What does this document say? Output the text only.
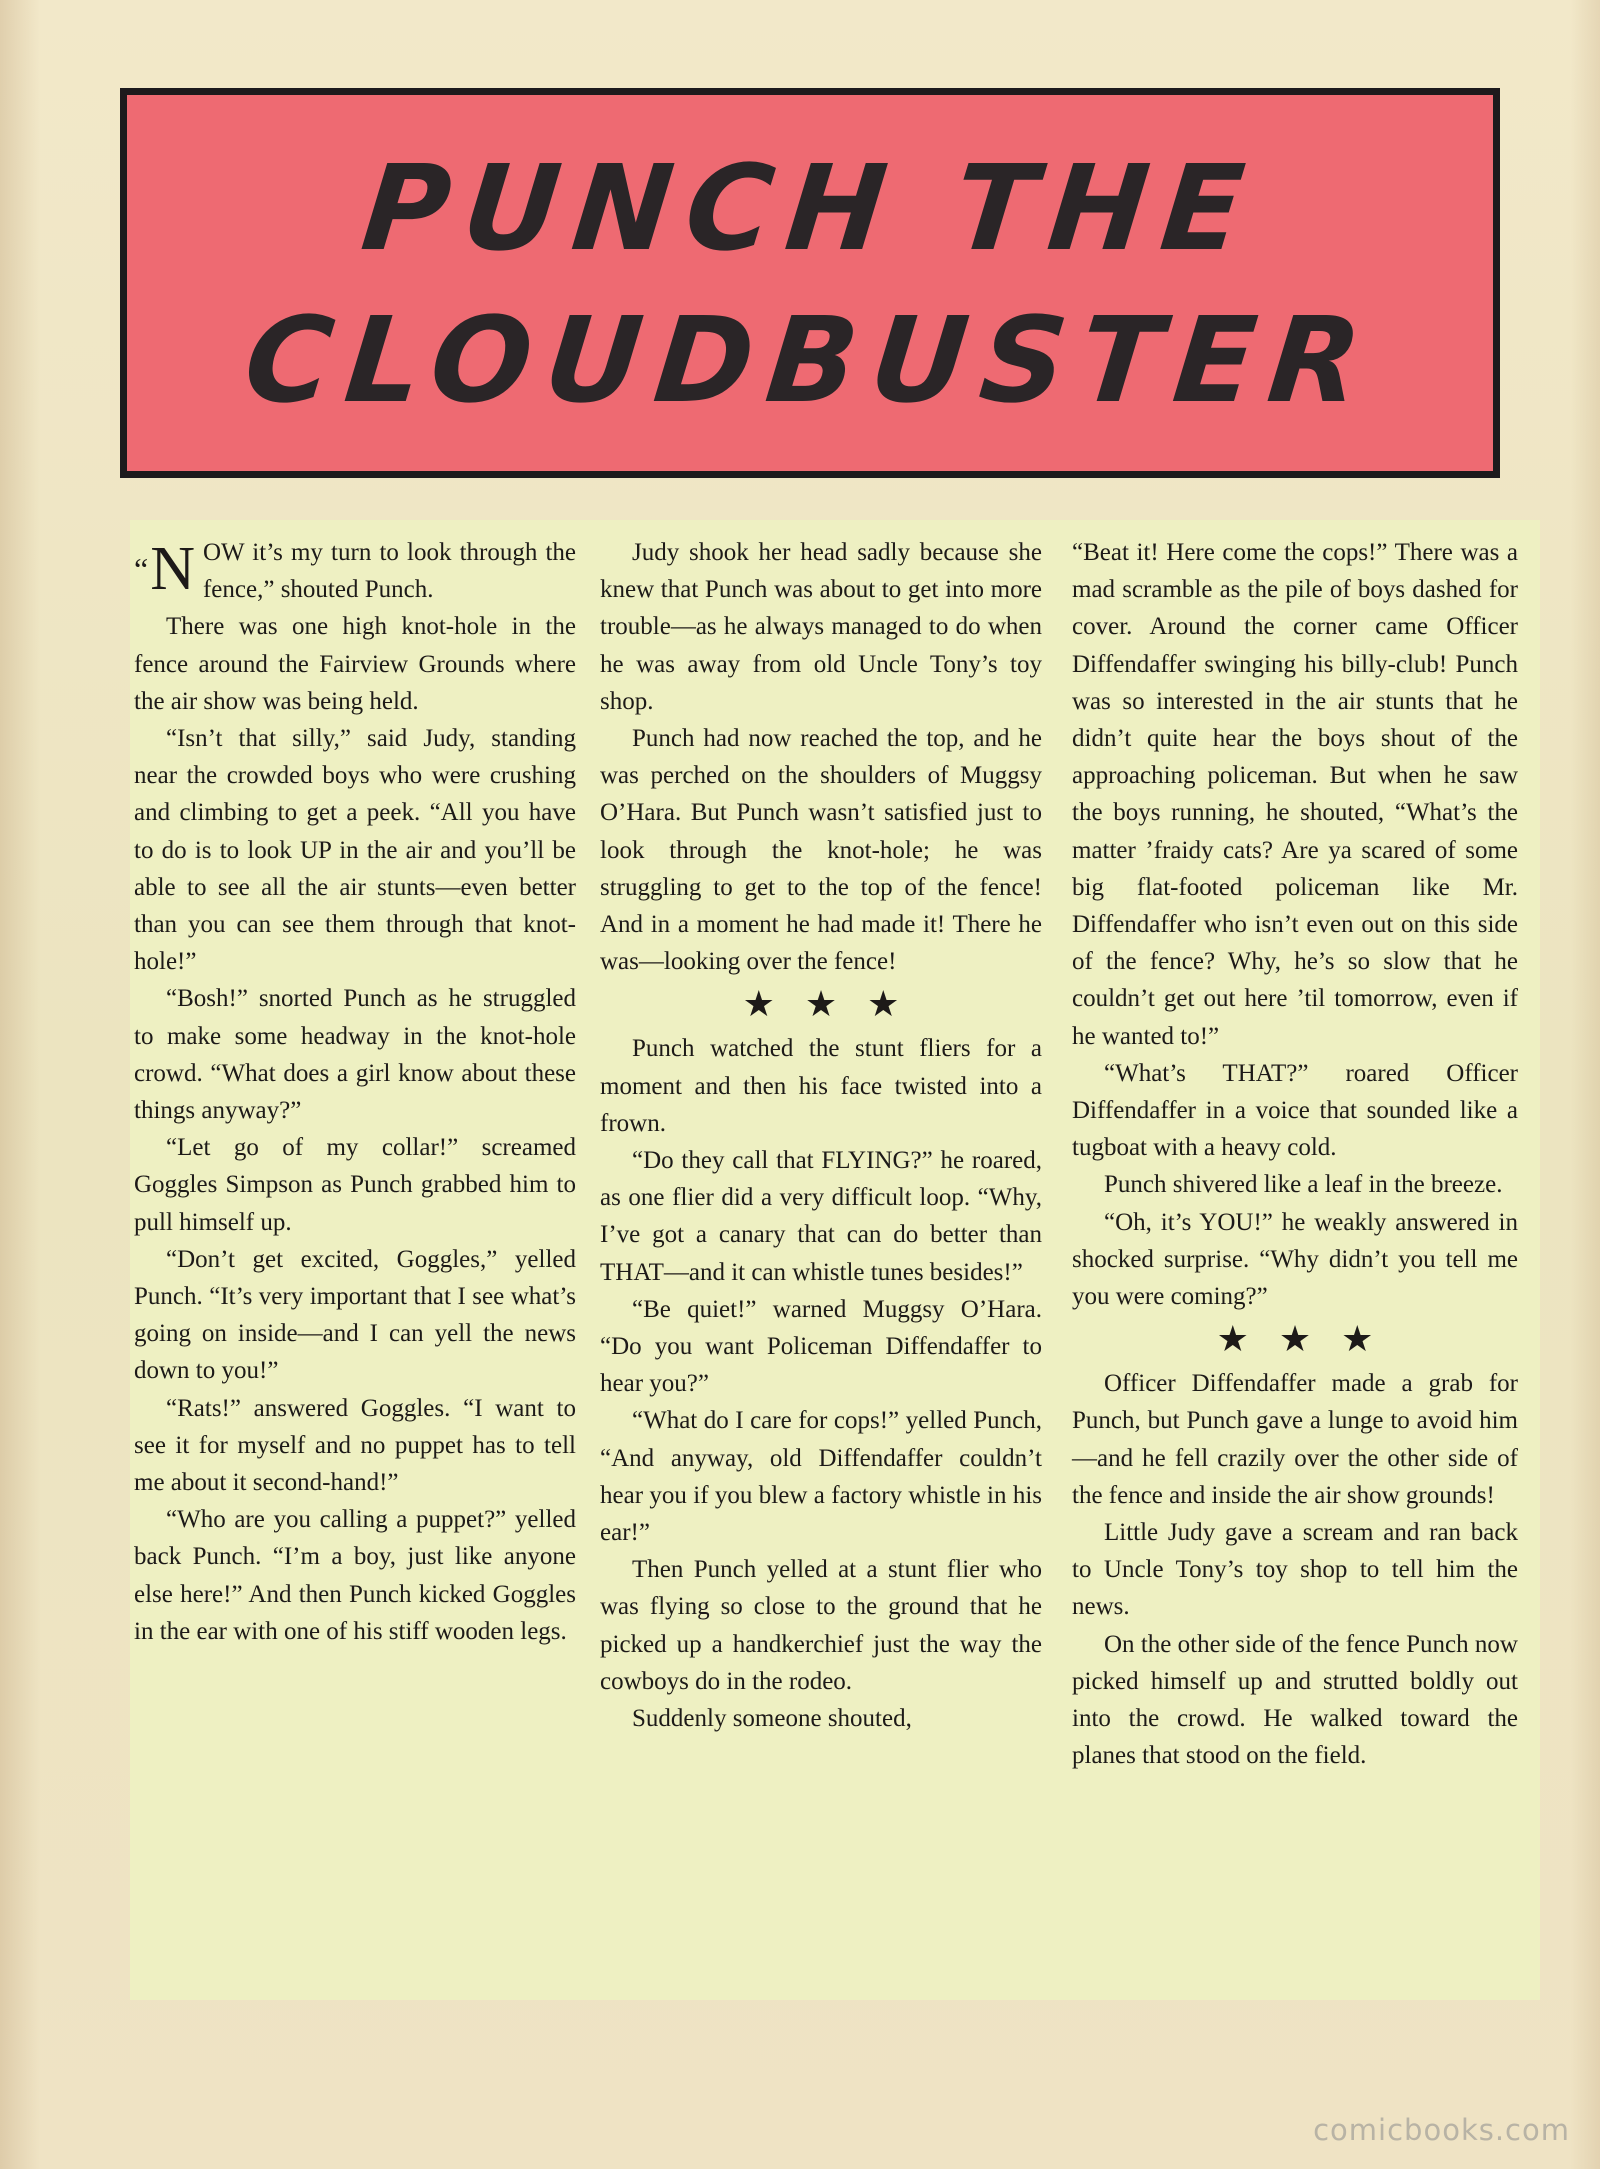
PUNCH THE
CLOUDBUSTER

“N OW it’s my turn to look through the fence,” shouted Punch.

There was one high knot-hole in the fence around the Fairview Grounds where the air show was being held.

“Isn’t that silly,” said Judy, standing near the crowded boys who were crushing and climbing to get a peek. “All you have to do is to look UP in the air and you’ll be able to see all the air stunts—even better than you can see them through that knot-hole!”

“Bosh!” snorted Punch as he struggled to make some headway in the knot-hole crowd. “What does a girl know about these things anyway?”

“Let go of my collar!” screamed Goggles Simpson as Punch grabbed him to pull himself up.

“Don’t get excited, Goggles,” yelled Punch. “It’s very important that I see what’s going on inside—and I can yell the news down to you!”

“Rats!” answered Goggles. “I want to see it for myself and no puppet has to tell me about it second-hand!”

“Who are you calling a puppet?” yelled back Punch. “I’m a boy, just like anyone else here!” And then Punch kicked Goggles in the ear with one of his stiff wooden legs.

Judy shook her head sadly because she knew that Punch was about to get into more trouble—as he always managed to do when he was away from old Uncle Tony’s toy shop.

Punch had now reached the top, and he was perched on the shoulders of Muggsy O’Hara. But Punch wasn’t satisfied just to look through the knot-hole; he was struggling to get to the top of the fence! And in a moment he had made it! There he was—looking over the fence!

★★★

Punch watched the stunt fliers for a moment and then his face twisted into a frown.

“Do they call that FLYING?” he roared, as one flier did a very difficult loop. “Why, I’ve got a canary that can do better than THAT—and it can whistle tunes besides!”

“Be quiet!” warned Muggsy O’Hara. “Do you want Policeman Diffendaffer to hear you?”

“What do I care for cops!” yelled Punch, “And anyway, old Diffendaffer couldn’t hear you if you blew a factory whistle in his ear!”

Then Punch yelled at a stunt flier who was flying so close to the ground that he picked up a handkerchief just the way the cowboys do in the rodeo.

Suddenly someone shouted,

“Beat it! Here come the cops!” There was a mad scramble as the pile of boys dashed for cover. Around the corner came Officer Diffendaffer swinging his billy-club! Punch was so interested in the air stunts that he didn’t quite hear the boys shout of the approaching policeman. But when he saw the boys running, he shouted, “What’s the matter ’fraidy cats? Are ya scared of some big flat-footed policeman like Mr. Diffendaffer who isn’t even out on this side of the fence? Why, he’s so slow that he couldn’t get out here ’til tomorrow, even if he wanted to!”

“What’s THAT?” roared Officer Diffendaffer in a voice that sounded like a tugboat with a heavy cold.

Punch shivered like a leaf in the breeze.

“Oh, it’s YOU!” he weakly answered in shocked surprise. “Why didn’t you tell me you were coming?”

★★★

Officer Diffendaffer made a grab for Punch, but Punch gave a lunge to avoid him—and he fell crazily over the other side of the fence and inside the air show grounds!

Little Judy gave a scream and ran back to Uncle Tony’s toy shop to tell him the news.

On the other side of the fence Punch now picked himself up and strutted boldly out into the crowd. He walked toward the planes that stood on the field.

comicbooks.com
